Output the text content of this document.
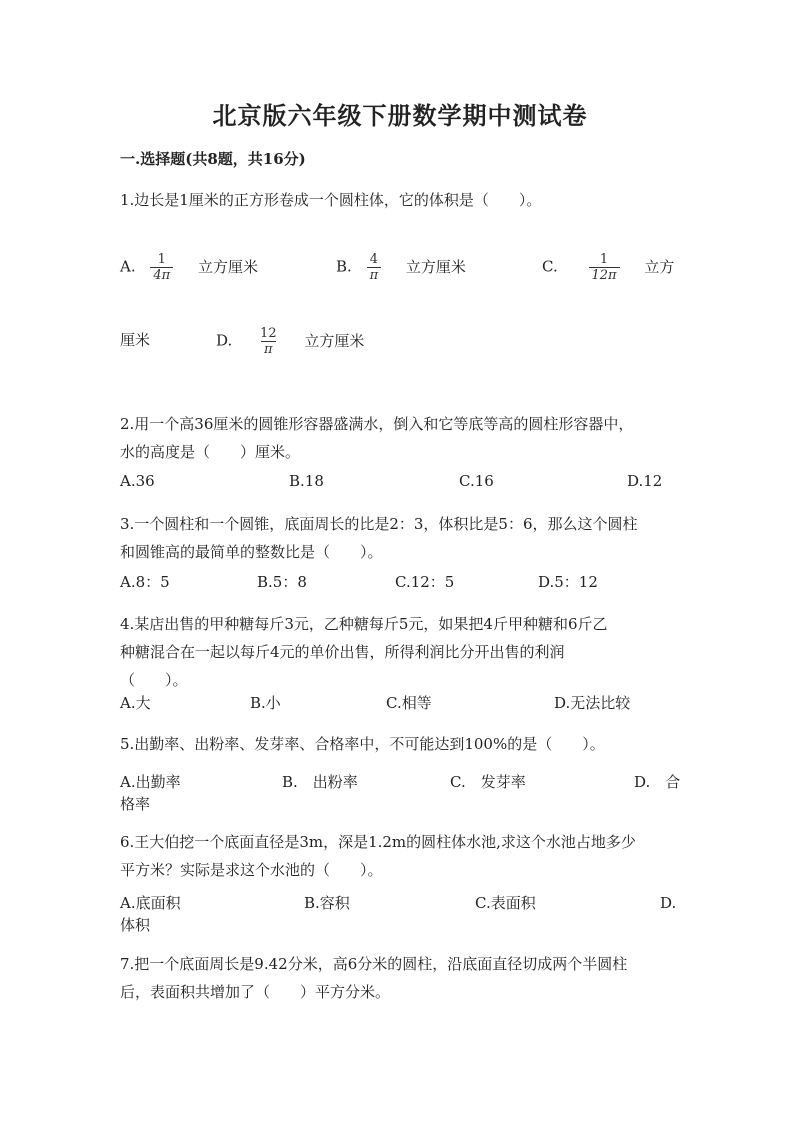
北京版六年级下册数学期中测试卷
一.选择题(共8题，共16分)
1.边长是1厘米的正方形卷成一个圆柱体，它的体积是（　　）。
A. $\frac{1}{4\pi}$ 立方厘米	B. $\frac{4}{\pi}$ 立方厘米	C. $\frac{1}{12\pi}$ 立方
厘米	D. $\frac{12}{\pi}$ 立方厘米
2.用一个高36厘米的圆锥形容器盛满水，倒入和它等底等高的圆柱形容器中，
水的高度是（　　）厘米。
A.36	B.18	C.16	D.12
3.一个圆柱和一个圆锥，底面周长的比是2：3，体积比是5：6，那么这个圆柱
和圆锥高的最简单的整数比是（　　）。
A.8：5	B.5：8	C.12：5	D.5：12
4.某店出售的甲种糖每斤3元，乙种糖每斤5元，如果把4斤甲种糖和6斤乙
种糖混合在一起以每斤4元的单价出售，所得利润比分开出售的利润
（　　）。
A.大	B.小	C.相等	D.无法比较
5.出勤率、出粉率、发芽率、合格率中，不可能达到100%的是（　　）。
A.出勤率	B.　出粉率	C.　发芽率	D.　合
格率
6.王大伯挖一个底面直径是3m，深是1.2m的圆柱体水池,求这个水池占地多少
平方米？实际是求这个水池的（　　）。
A.底面积	B.容积	C.表面积	D.
体积
7.把一个底面周长是9.42分米，高6分米的圆柱，沿底面直径切成两个半圆柱
后，表面积共增加了（　　）平方分米。
